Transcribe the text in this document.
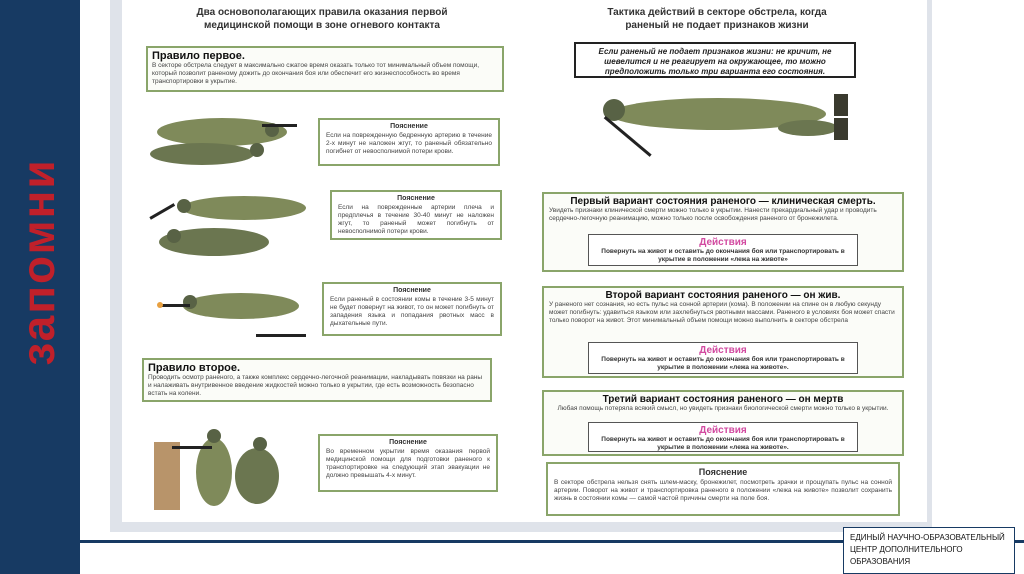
запомни
Два основополагающих правила оказания первой медицинской помощи в зоне огневого контакта
Правило первое.
В секторе обстрела следует в максимально сжатое время оказать только тот минимальный объем помощи, который позволит раненому дожить до окончания боя или обеспечит его жизнеспособность во время транспортировки в укрытие.
Пояснение
Если на поврежденную бедренную артерию в течение 2-х минут не наложен жгут, то раненый обязательно погибнет от невосполнимой потери крови.
Пояснение
Если на поврежденные артерии плеча и предплечья в течение 30-40 минут не наложен жгут, то раненый может погибнуть от невосполнимой потери крови.
Пояснение
Если раненый в состоянии комы в течение 3-5 минут не будет повернут на живот, то он может погибнуть от западения языка и попадания рвотных масс в дыхательные пути.
Правило второе.
Проводить осмотр раненого, а также комплекс сердечно-легочной реанимации, накладывать повязки на раны и налаживать внутривенное введение жидкостей можно только в укрытии, где есть возможность безопасно встать на колени.
Пояснение
Во временном укрытии время оказания первой медицинской помощи для подготовки раненого к транспортировке на следующий этап эвакуации не должно превышать 4-х минут.
Тактика действий в секторе обстрела, когда раненый не подает признаков жизни
Если раненый не подает признаков жизни: не кричит, не шевелится и не реагирует на окружающее, то можно предположить только три варианта его состояния.
Первый вариант состояния раненого — клиническая смерть.
Увидеть признаки клинической смерти можно только в укрытии. Нанести прекардиальный удар и проводить сердечно-легочную реанимацию, можно только после освобождения раненого от бронежилета.
Действия
Повернуть на живот и оставить до окончания боя или транспортировать в укрытие в положении «лежа на животе»
Второй вариант состояния раненого — он жив.
У раненого нет сознания, но есть пульс на сонной артерии (кома). В положении на спине он в любую секунду может погибнуть: удавиться языком или захлебнуться рвотными массами. Раненого в условиях боя может спасти только поворот на живот. Этот минимальный объем помощи можно выполнить в секторе обстрела
Действия
Повернуть на живот и оставить до окончания боя или транспортировать в укрытие в положении «лежа на животе».
Третий вариант состояния раненого — он мертв
Любая помощь потеряла всякий смысл, но увидеть признаки биологической смерти можно только в укрытии.
Действия
Повернуть на живот и оставить до окончания боя или транспортировать в укрытие в положении «лежа на животе».
Пояснение
В секторе обстрела нельзя снять шлем-маску, бронежилет, посмотреть зрачки и прощупать пульс на сонной артерии. Поворот на живот и транспортировка раненого в положении «лежа на животе» позволит сохранить жизнь в состоянии комы — самой частой причины смерти на поле боя.
ЕДИНЫЙ НАУЧНО-ОБРАЗОВАТЕЛЬНЫЙ ЦЕНТР ДОПОЛНИТЕЛЬНОГО ОБРАЗОВАНИЯ
